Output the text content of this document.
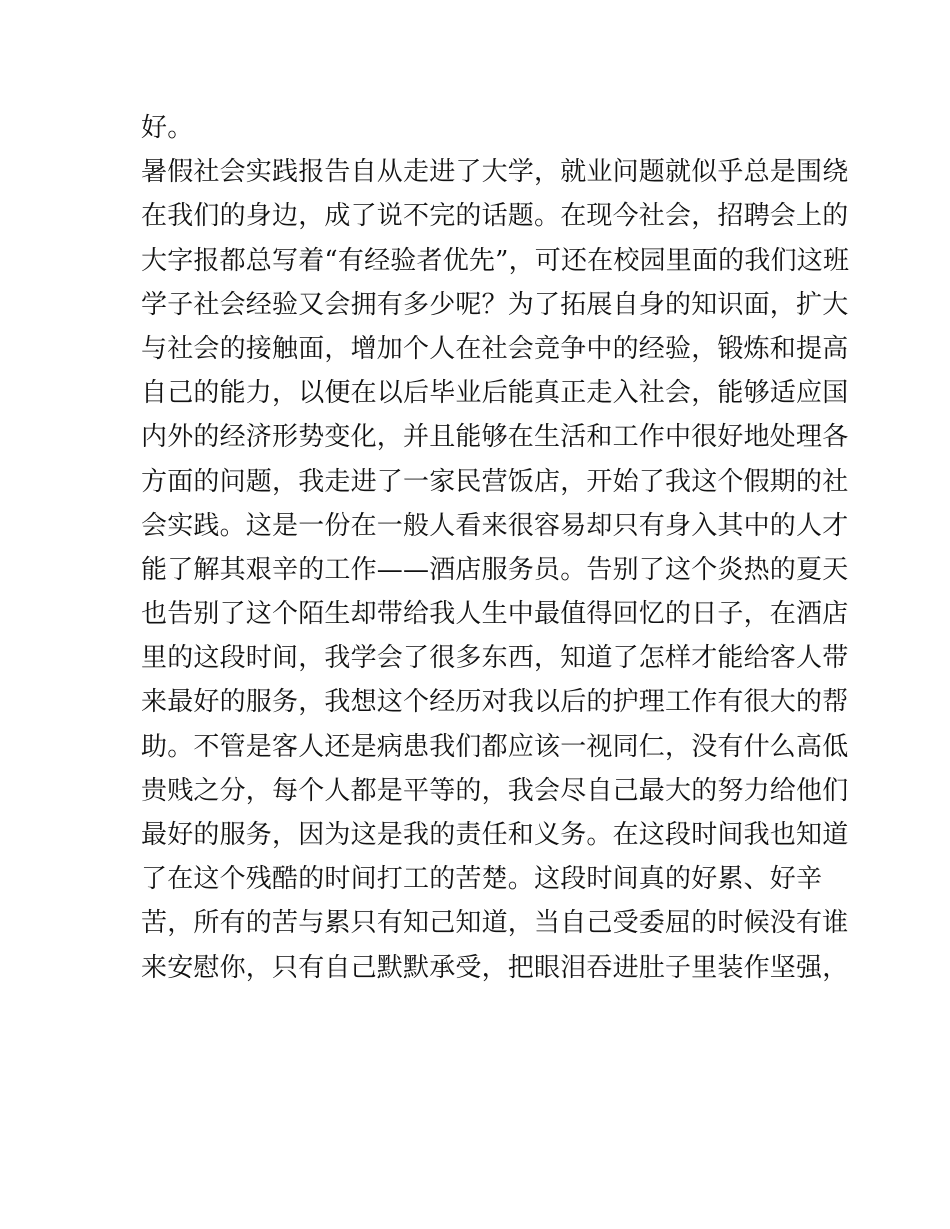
好。
暑假社会实践报告自从走进了大学，就业问题就似乎总是围绕
在我们的身边，成了说不完的话题。在现今社会，招聘会上的
大字报都总写着“有经验者优先”，可还在校园里面的我们这班
学子社会经验又会拥有多少呢？为了拓展自身的知识面，扩大
与社会的接触面，增加个人在社会竞争中的经验，锻炼和提高
自己的能力，以便在以后毕业后能真正走入社会，能够适应国
内外的经济形势变化，并且能够在生活和工作中很好地处理各
方面的问题，我走进了一家民营饭店，开始了我这个假期的社
会实践。这是一份在一般人看来很容易却只有身入其中的人才
能了解其艰辛的工作——酒店服务员。告别了这个炎热的夏天
也告别了这个陌生却带给我人生中最值得回忆的日子，在酒店
里的这段时间，我学会了很多东西，知道了怎样才能给客人带
来最好的服务，我想这个经历对我以后的护理工作有很大的帮
助。不管是客人还是病患我们都应该一视同仁，没有什么高低
贵贱之分，每个人都是平等的，我会尽自己最大的努力给他们
最好的服务，因为这是我的责任和义务。在这段时间我也知道
了在这个残酷的时间打工的苦楚。这段时间真的好累、好辛
苦，所有的苦与累只有知己知道，当自己受委屈的时候没有谁
来安慰你，只有自己默默承受，把眼泪吞进肚子里装作坚强，
